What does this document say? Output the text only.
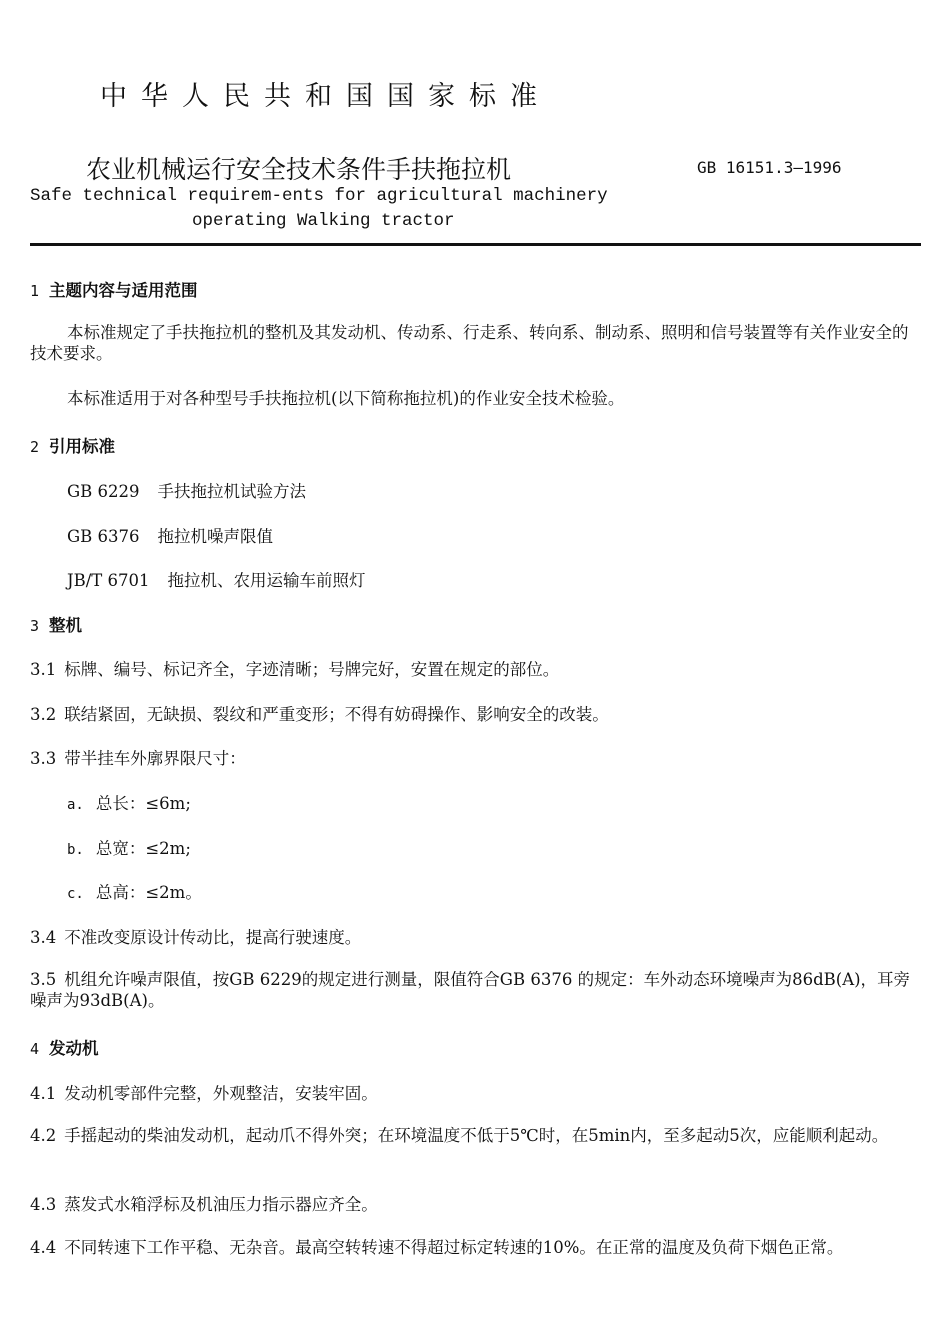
中华人民共和国国家标准
农业机械运行安全技术条件手扶拖拉机	GB 16151.3—1996
Safe technical requirem-ents for agricultural machinery
operating Walking tractor
1 主题内容与适用范围
本标准规定了手扶拖拉机的整机及其发动机、传动系、行走系、转向系、制动系、照明和信号装置等有关作业安全的技术要求。
本标准适用于对各种型号手扶拖拉机(以下简称拖拉机)的作业安全技术检验。
2 引用标准
GB 6229 手扶拖拉机试验方法
GB 6376 拖拉机噪声限值
JB/T 6701 拖拉机、农用运输车前照灯
3 整机
3.1 标牌、编号、标记齐全，字迹清晰；号牌完好，安置在规定的部位。
3.2 联结紧固，无缺损、裂纹和严重变形；不得有妨碍操作、影响安全的改装。
3.3 带半挂车外廓界限尺寸：
a. 总长：≤6m;
b. 总宽：≤2m;
c. 总高：≤2m。
3.4 不准改变原设计传动比，提高行驶速度。
3.5 机组允许噪声限值，按GB 6229的规定进行测量，限值符合GB 6376 的规定：车外动态环境噪声为86dB(A)，耳旁噪声为93dB(A)。
4 发动机
4.1 发动机零部件完整，外观整洁，安装牢固。
4.2 手摇起动的柴油发动机，起动爪不得外突；在环境温度不低于5℃时，在5min内，至多起动5次，应能顺利起动。
4.3 蒸发式水箱浮标及机油压力指示器应齐全。
4.4 不同转速下工作平稳、无杂音。最高空转转速不得超过标定转速的10%。在正常的温度及负荷下烟色正常。
